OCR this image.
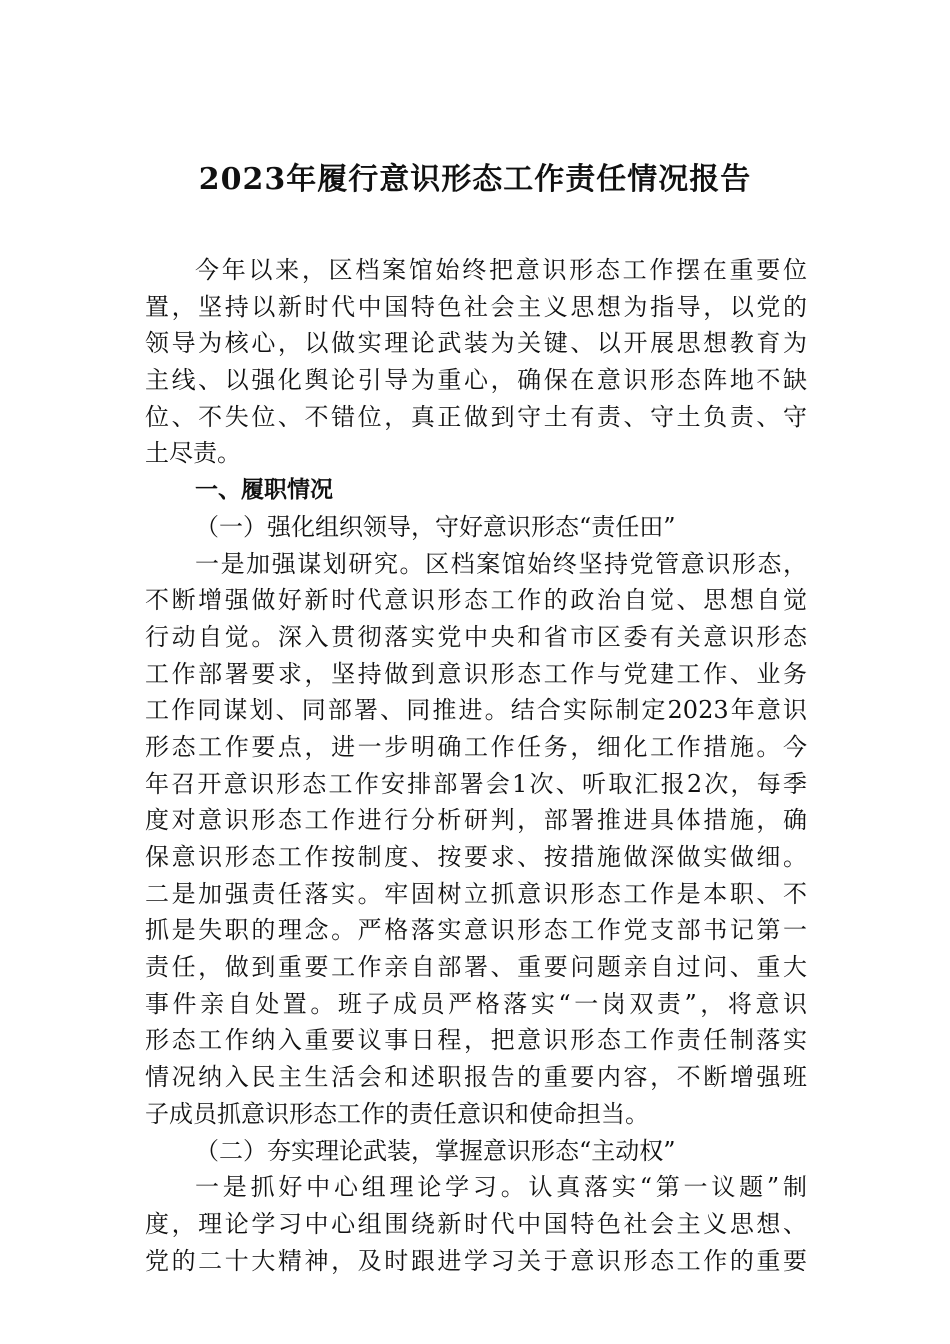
2023年履行意识形态工作责任情况报告
今年以来，区档案馆始终把意识形态工作摆在重要位
置，坚持以新时代中国特色社会主义思想为指导，以党的
领导为核心，以做实理论武装为关键、以开展思想教育为
主线、以强化舆论引导为重心，确保在意识形态阵地不缺
位、不失位、不错位，真正做到守土有责、守土负责、守
土尽责。
一、履职情况
（一）强化组织领导，守好意识形态“责任田”
一是加强谋划研究。区档案馆始终坚持党管意识形态，
不断增强做好新时代意识形态工作的政治自觉、思想自觉
行动自觉。深入贯彻落实党中央和省市区委有关意识形态
工作部署要求，坚持做到意识形态工作与党建工作、业务
工作同谋划、同部署、同推进。结合实际制定2023年意识
形态工作要点，进一步明确工作任务，细化工作措施。今
年召开意识形态工作安排部署会1次、听取汇报2次，每季
度对意识形态工作进行分析研判，部署推进具体措施，确
保意识形态工作按制度、按要求、按措施做深做实做细。
二是加强责任落实。牢固树立抓意识形态工作是本职、不
抓是失职的理念。严格落实意识形态工作党支部书记第一
责任，做到重要工作亲自部署、重要问题亲自过问、重大
事件亲自处置。班子成员严格落实“一岗双责”，将意识
形态工作纳入重要议事日程，把意识形态工作责任制落实
情况纳入民主生活会和述职报告的重要内容，不断增强班
子成员抓意识形态工作的责任意识和使命担当。
（二）夯实理论武装，掌握意识形态“主动权”
一是抓好中心组理论学习。认真落实“第一议题”制
度，理论学习中心组围绕新时代中国特色社会主义思想、
党的二十大精神，及时跟进学习关于意识形态工作的重要
